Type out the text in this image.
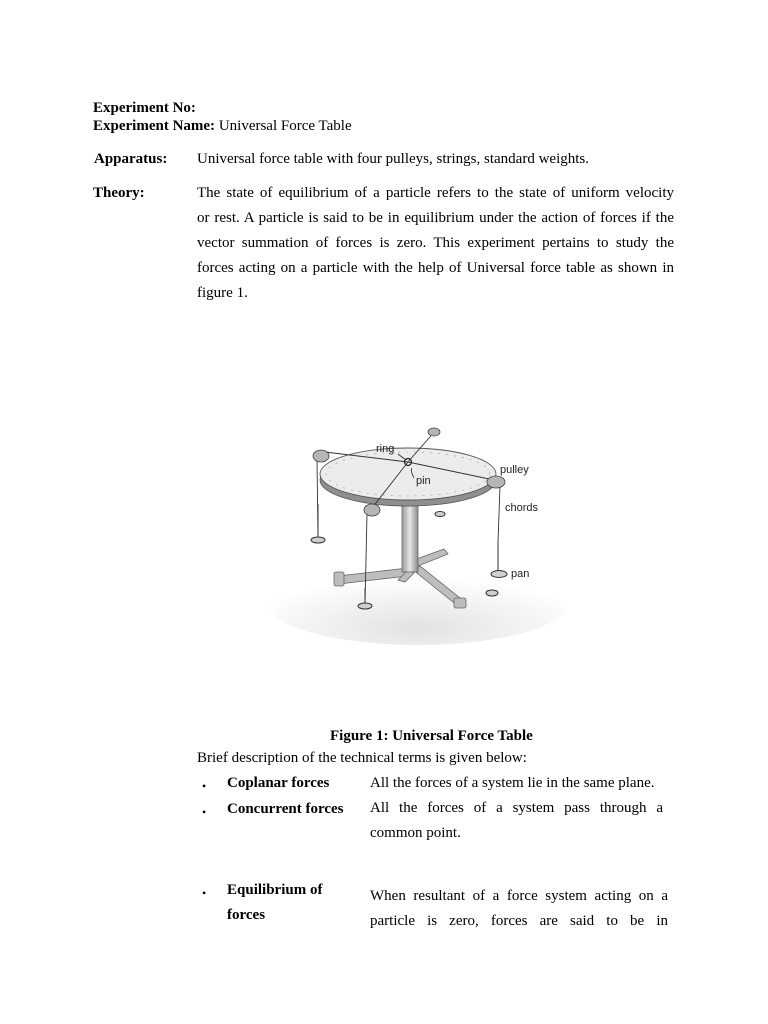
Experiment No:
Experiment Name: Universal Force Table
Apparatus: Universal force table with four pulleys, strings, standard weights.
Theory:	The state of equilibrium of a particle refers to the state of uniform velocity
or rest. A particle is said to be in equilibrium under the action of forces if the
vector summation of forces is zero. This experiment pertains to study the
forces acting on a particle with the help of Universal force table as shown in
figure 1.
ring
pin
pulley
chords
pan
Figure 1: Universal Force Table
Brief description of the technical terms is given below:
• Coplanar forces	All the forces of a system lie in the same plane.
• Concurrent forces All the forces of a system pass through a
common point.
• Equilibrium of
forces
When resultant of a force system acting on a
particle is zero, forces are said to be in
